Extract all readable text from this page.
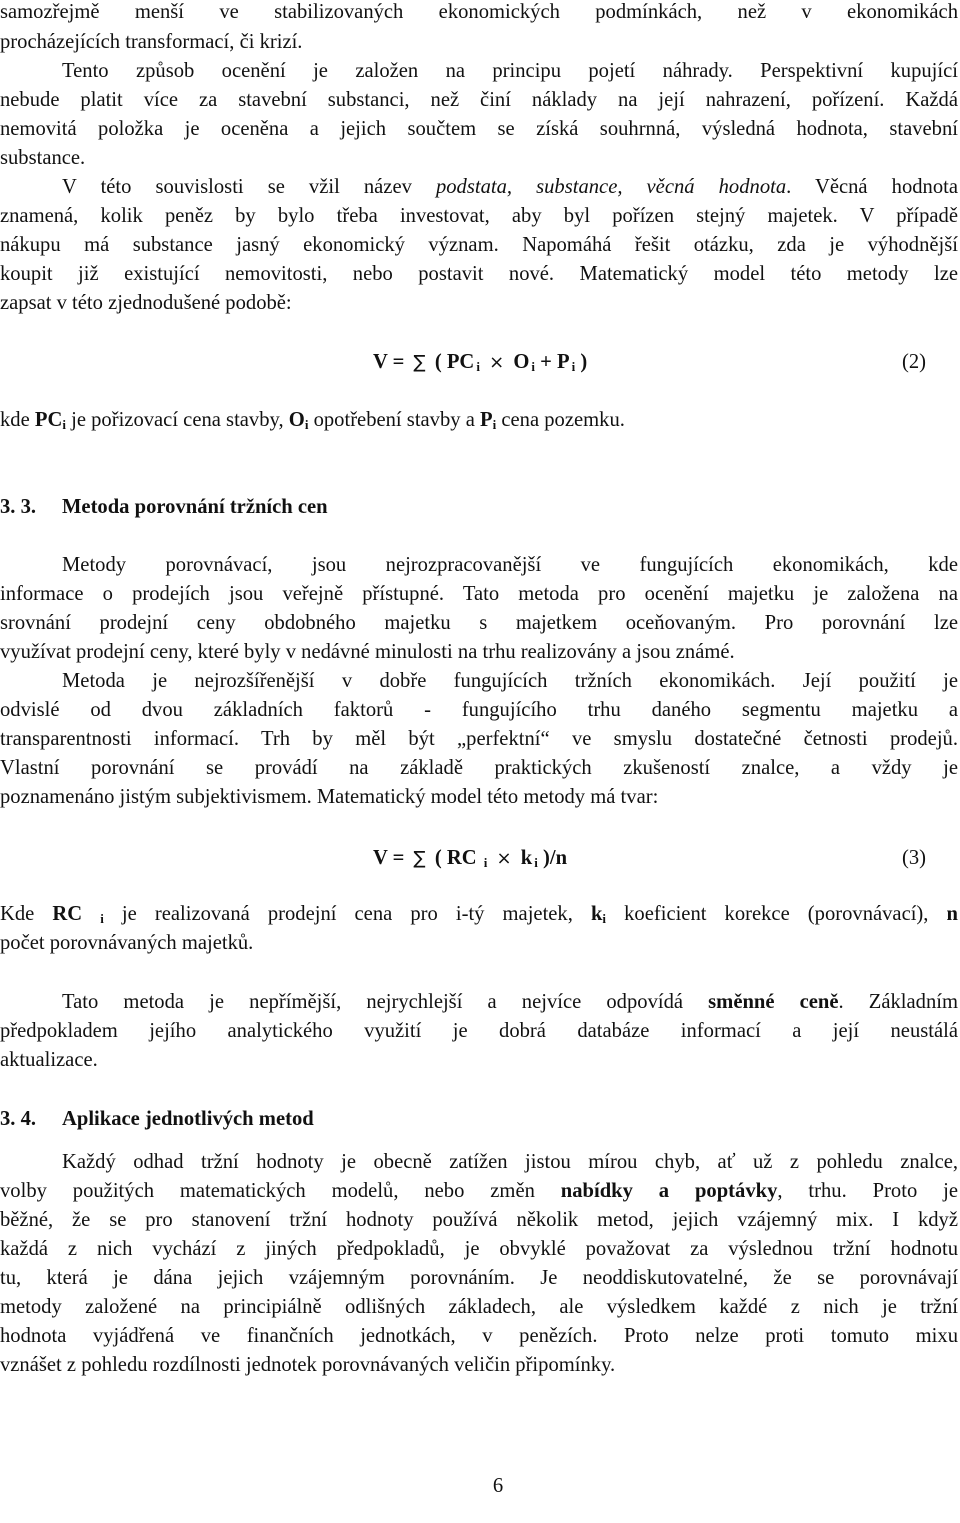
samozřejmě menší ve stabilizovaných ekonomických podmínkách, než v ekonomikách
procházejících transformací, či krizí.
Tento způsob ocenění je založen na principu pojetí náhrady. Perspektivní kupující
nebude platit více za stavební substanci, než činí náklady na její nahrazení, pořízení. Každá
nemovitá položka je oceněna a jejich součtem se získá souhrnná, výsledná hodnota, stavební
substance.
V této souvislosti se vžil název podstata, substance, věcná hodnota. Věcná hodnota
znamená, kolik peněz by bylo třeba investovat, aby byl pořízen stejný majetek. V případě
nákupu má substance jasný ekonomický význam. Napomáhá řešit otázku, zda je výhodnější
koupit již existující nemovitosti, nebo postavit nové. Matematický model této metody lze
zapsat v této zjednodušené podobě:
V = ∑ ( PC $_i$ × O $_i$ + P $_i$ )	(2)
kde $PC_i$ je pořizovací cena stavby, $O_i$ opotřebení stavby a $P_i$ cena pozemku.
3. 3. Metoda porovnání tržních cen
Metody porovnávací, jsou nejrozpracovanější ve fungujících ekonomikách, kde
informace o prodejích jsou veřejně přístupné. Tato metoda pro ocenění majetku je založena na
srovnání prodejní ceny obdobného majetku s majetkem oceňovaným. Pro porovnání lze
využívat prodejní ceny, které byly v nedávné minulosti na trhu realizovány a jsou známé.
Metoda je nejrozšířenější v dobře fungujících tržních ekonomikách. Její použití je
odvislé od dvou základních faktorů - fungujícího trhu daného segmentu majetku a
transparentnosti informací. Trh by měl být „perfektní“ ve smyslu dostatečné četnosti prodejů.
Vlastní porovnání se provádí na základě praktických zkušeností znalce, a vždy je
poznamenáno jistým subjektivismem. Matematický model této metody má tvar:
V = ∑ ( RC $_i$ × k $_i$ )/n	(3)
Kde RC $_i$ je realizovaná prodejní cena pro i-tý majetek, $k_i$ koeficient korekce (porovnávací), n
počet porovnávaných majetků.
Tato metoda je nepřímější, nejrychlejší a nejvíce odpovídá směnné ceně. Základním
předpokladem jejího analytického využití je dobrá databáze informací a její neustálá
aktualizace.
3. 4. Aplikace jednotlivých metod
Každý odhad tržní hodnoty je obecně zatížen jistou mírou chyb, ať už z pohledu znalce,
volby použitých matematických modelů, nebo změn nabídky a poptávky, trhu. Proto je
běžné, že se pro stanovení tržní hodnoty používá několik metod, jejich vzájemný mix. I když
každá z nich vychází z jiných předpokladů, je obvyklé považovat za výslednou tržní hodnotu
tu, která je dána jejich vzájemným porovnáním. Je neoddiskutovatelné, že se porovnávají
metody založené na principiálně odlišných základech, ale výsledkem každé z nich je tržní
hodnota vyjádřená ve finančních jednotkách, v penězích. Proto nelze proti tomuto mixu
vznášet z pohledu rozdílnosti jednotek porovnávaných veličin připomínky.
6
